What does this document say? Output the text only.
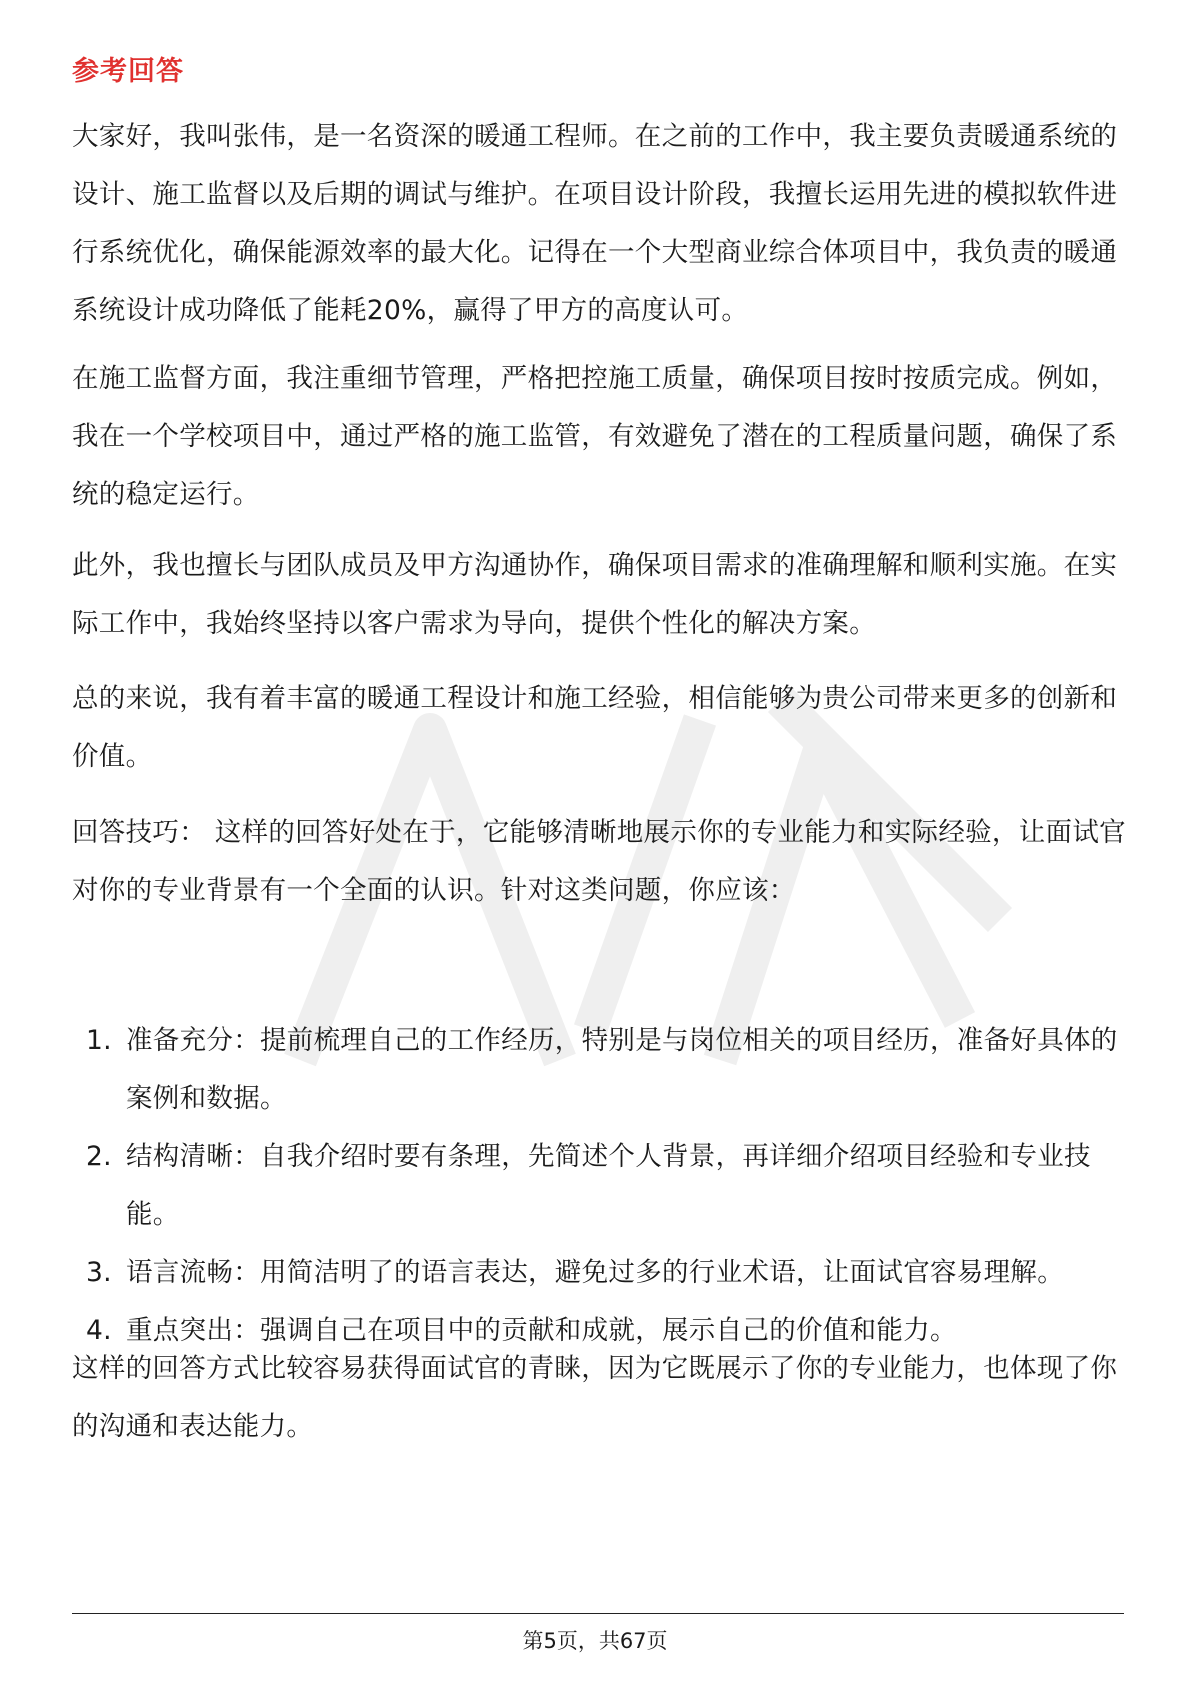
参考回答

大家好，我叫张伟，是一名资深的暖通工程师。在之前的工作中，我主要负责暖通系统的设计、施工监督以及后期的调试与维护。在项目设计阶段，我擅长运用先进的模拟软件进行系统优化，确保能源效率的最大化。记得在一个大型商业综合体项目中，我负责的暖通系统设计成功降低了能耗20%，赢得了甲方的高度认可。

在施工监督方面，我注重细节管理，严格把控施工质量，确保项目按时按质完成。例如，我在一个学校项目中，通过严格的施工监管，有效避免了潜在的工程质量问题，确保了系统的稳定运行。

此外，我也擅长与团队成员及甲方沟通协作，确保项目需求的准确理解和顺利实施。在实际工作中，我始终坚持以客户需求为导向，提供个性化的解决方案。

总的来说，我有着丰富的暖通工程设计和施工经验，相信能够为贵公司带来更多的创新和价值。

回答技巧： 这样的回答好处在于，它能够清晰地展示你的专业能力和实际经验，让面试官对你的专业背景有一个全面的认识。针对这类问题，你应该：

1. 准备充分：提前梳理自己的工作经历，特别是与岗位相关的项目经历，准备好具体的案例和数据。
2. 结构清晰：自我介绍时要有条理，先简述个人背景，再详细介绍项目经验和专业技能。
3. 语言流畅：用简洁明了的语言表达，避免过多的行业术语，让面试官容易理解。
4. 重点突出：强调自己在项目中的贡献和成就，展示自己的价值和能力。

这样的回答方式比较容易获得面试官的青睐，因为它既展示了你的专业能力，也体现了你的沟通和表达能力。

第5页，共67页
